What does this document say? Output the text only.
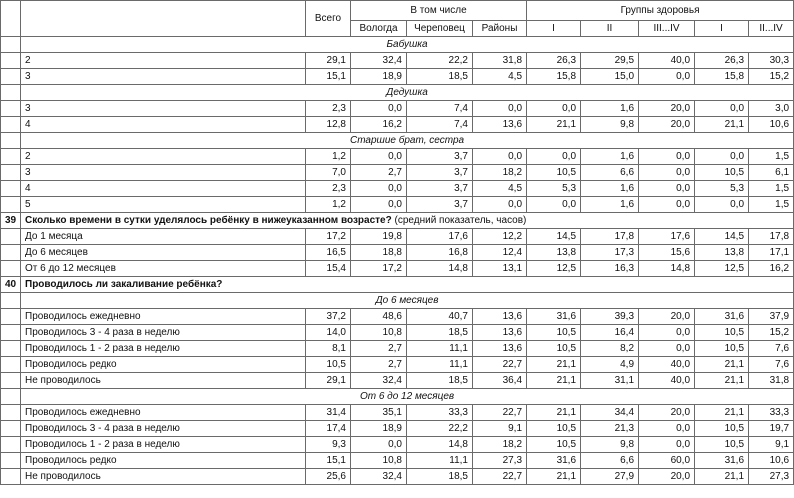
		Всего	В том числе			Группы здоровья				
			Вологда	Череповец	Районы	I	II	III...IV	I	II...IV
	Бабушка									
	2	29,1	32,4	22,2	31,8	26,3	29,5	40,0	26,3	30,3
	3	15,1	18,9	18,5	4,5	15,8	15,0	0,0	15,8	15,2
	Дедушка									
	3	2,3	0,0	7,4	0,0	0,0	1,6	20,0	0,0	3,0
	4	12,8	16,2	7,4	13,6	21,1	9,8	20,0	21,1	10,6
	Старшие брат, сестра									
	2	1,2	0,0	3,7	0,0	0,0	1,6	0,0	0,0	1,5
	3	7,0	2,7	3,7	18,2	10,5	6,6	0,0	10,5	6,1
	4	2,3	0,0	3,7	4,5	5,3	1,6	0,0	5,3	1,5
	5	1,2	0,0	3,7	0,0	0,0	1,6	0,0	0,0	1,5
39	Сколько времени в сутки уделялось ребёнку в нижеуказанном возрасте? (средний показатель, часов)									
	До 1 месяца	17,2	19,8	17,6	12,2	14,5	17,8	17,6	14,5	17,8
	До 6 месяцев	16,5	18,8	16,8	12,4	13,8	17,3	15,6	13,8	17,1
	От 6 до 12 месяцев	15,4	17,2	14,8	13,1	12,5	16,3	14,8	12,5	16,2
40	Проводилось ли закаливание ребёнка?									
	До 6 месяцев									
	Проводилось ежедневно	37,2	48,6	40,7	13,6	31,6	39,3	20,0	31,6	37,9
	Проводилось 3 - 4 раза в неделю	14,0	10,8	18,5	13,6	10,5	16,4	0,0	10,5	15,2
	Проводилось 1 - 2 раза в неделю	8,1	2,7	11,1	13,6	10,5	8,2	0,0	10,5	7,6
	Проводилось редко	10,5	2,7	11,1	22,7	21,1	4,9	40,0	21,1	7,6
	Не проводилось	29,1	32,4	18,5	36,4	21,1	31,1	40,0	21,1	31,8
	От 6 до 12 месяцев									
	Проводилось ежедневно	31,4	35,1	33,3	22,7	21,1	34,4	20,0	21,1	33,3
	Проводилось 3 - 4 раза в неделю	17,4	18,9	22,2	9,1	10,5	21,3	0,0	10,5	19,7
	Проводилось 1 - 2 раза в неделю	9,3	0,0	14,8	18,2	10,5	9,8	0,0	10,5	9,1
	Проводилось редко	15,1	10,8	11,1	27,3	31,6	6,6	60,0	31,6	10,6
	Не проводилось	25,6	32,4	18,5	22,7	21,1	27,9	20,0	21,1	27,3
